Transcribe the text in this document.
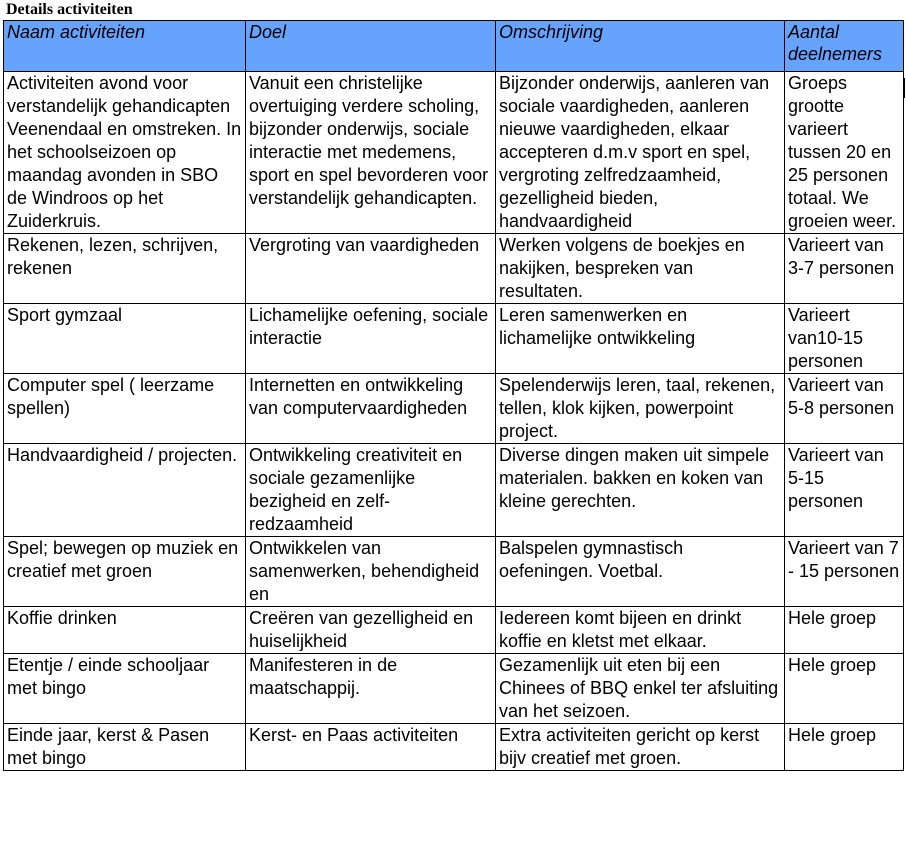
Details activiteiten
Naam activiteiten	Doel	Omschrijving	Aantal deelnemers
Activiteiten avond voor verstandelijk gehandicapten Veenendaal en omstreken. In het schoolseizoen op maandag avonden in SBO de Windroos op het Zuiderkruis.	Vanuit een christelijke overtuiging verdere scholing, bijzonder onderwijs, sociale interactie met medemens, sport en spel bevorderen voor verstandelijk gehandicapten.	Bijzonder onderwijs, aanleren van sociale vaardigheden, aanleren nieuwe vaardigheden, elkaar accepteren d.m.v sport en spel, vergroting zelfredzaamheid, gezelligheid bieden, handvaardigheid	Groeps grootte varieert tussen 20 en 25 personen totaal. We groeien weer.
Rekenen, lezen, schrijven, rekenen	Vergroting van vaardigheden	Werken volgens de boekjes en nakijken, bespreken van resultaten.	Varieert van 3-7 personen
Sport gymzaal	Lichamelijke oefening, sociale interactie	Leren samenwerken en lichamelijke ontwikkeling	Varieert van10-15 personen
Computer spel ( leerzame spellen)	Internetten en ontwikkeling van computervaardigheden	Spelenderwijs leren, taal, rekenen, tellen, klok kijken, powerpoint project.	Varieert van 5-8 personen
Handvaardigheid / projecten.	Ontwikkeling creativiteit en sociale gezamenlijke bezigheid en zelf-redzaamheid	Diverse dingen maken uit simpele materialen. bakken en koken van kleine gerechten.	Varieert van 5-15 personen
Spel; bewegen op muziek en creatief met groen	Ontwikkelen van samenwerken, behendigheid en	Balspelen gymnastisch oefeningen. Voetbal.	Varieert van 7 - 15 personen
Koffie drinken	Creëren van gezelligheid en huiselijkheid	Iedereen komt bijeen en drinkt koffie en kletst met elkaar.	Hele groep
Etentje / einde schooljaar met bingo	Manifesteren in de maatschappij.	Gezamenlijk uit eten bij een Chinees of BBQ enkel ter afsluiting van het seizoen.	Hele groep
Einde jaar, kerst & Pasen met bingo	Kerst- en Paas activiteiten	Extra activiteiten gericht op kerst bijv creatief met groen.	Hele groep
